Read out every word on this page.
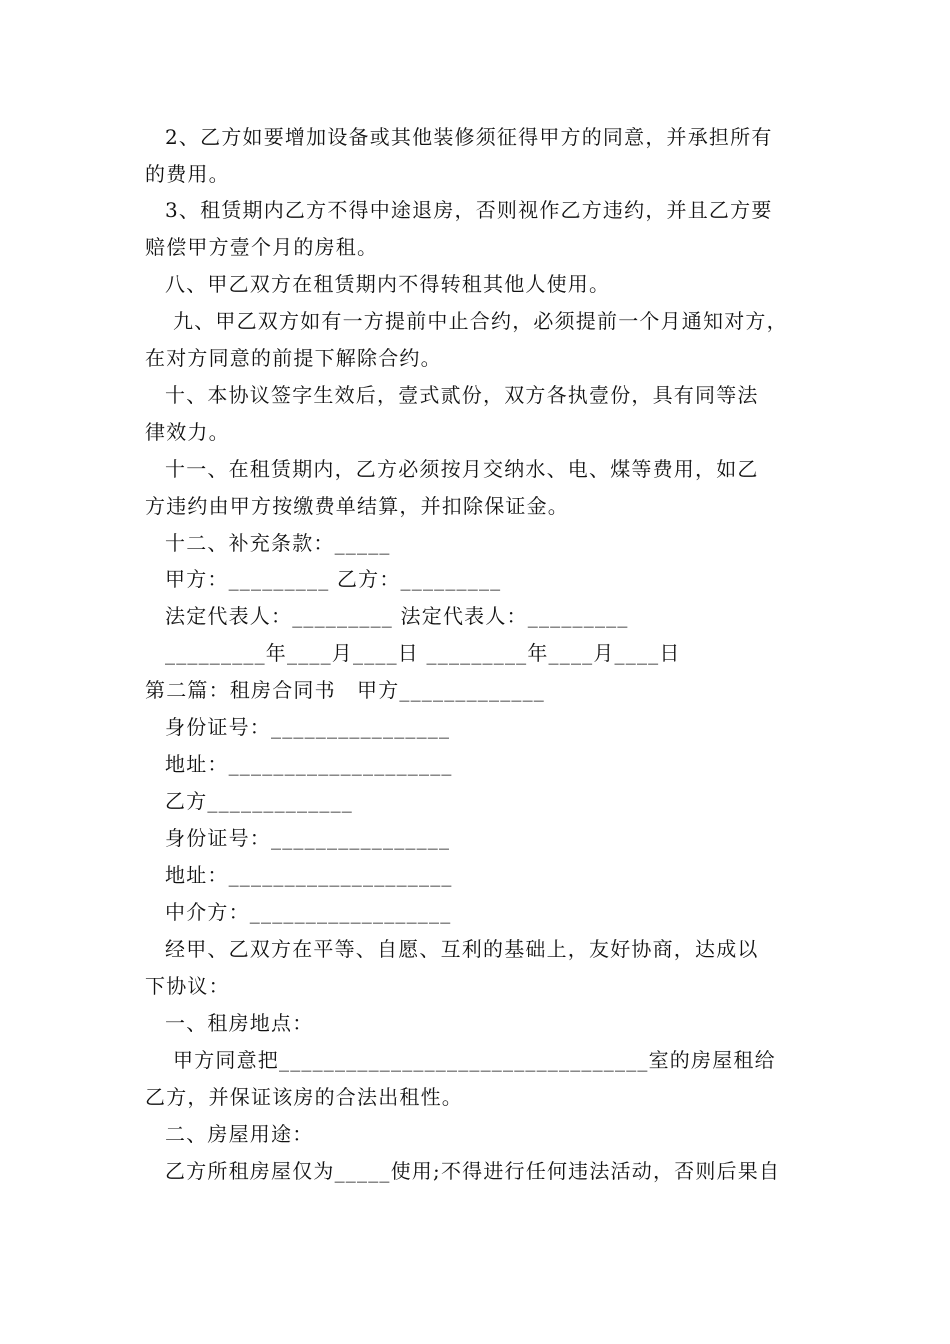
2、乙方如要增加设备或其他装修须征得甲方的同意，并承担所有
的费用。
3、租赁期内乙方不得中途退房，否则视作乙方违约，并且乙方要
赔偿甲方壹个月的房租。
八、甲乙双方在租赁期内不得转租其他人使用。
九、甲乙双方如有一方提前中止合约，必须提前一个月通知对方，
在对方同意的前提下解除合约。
十、本协议签字生效后，壹式贰份，双方各执壹份，具有同等法
律效力。
十一、在租赁期内，乙方必须按月交纳水、电、煤等费用，如乙
方违约由甲方按缴费单结算，并扣除保证金。
十二、补充条款：_____
甲方：_________ 乙方：_________
法定代表人：_________ 法定代表人：_________
_________年____月____日 _________年____月____日
第二篇：租房合同书　甲方_____________
身份证号：________________
地址：____________________
乙方_____________
身份证号：________________
地址：____________________
中介方：__________________
经甲、乙双方在平等、自愿、互利的基础上，友好协商，达成以
下协议：
一、租房地点：
甲方同意把_________________________________室的房屋租给
乙方，并保证该房的合法出租性。
二、房屋用途：
乙方所租房屋仅为_____使用;不得进行任何违法活动，否则后果自
